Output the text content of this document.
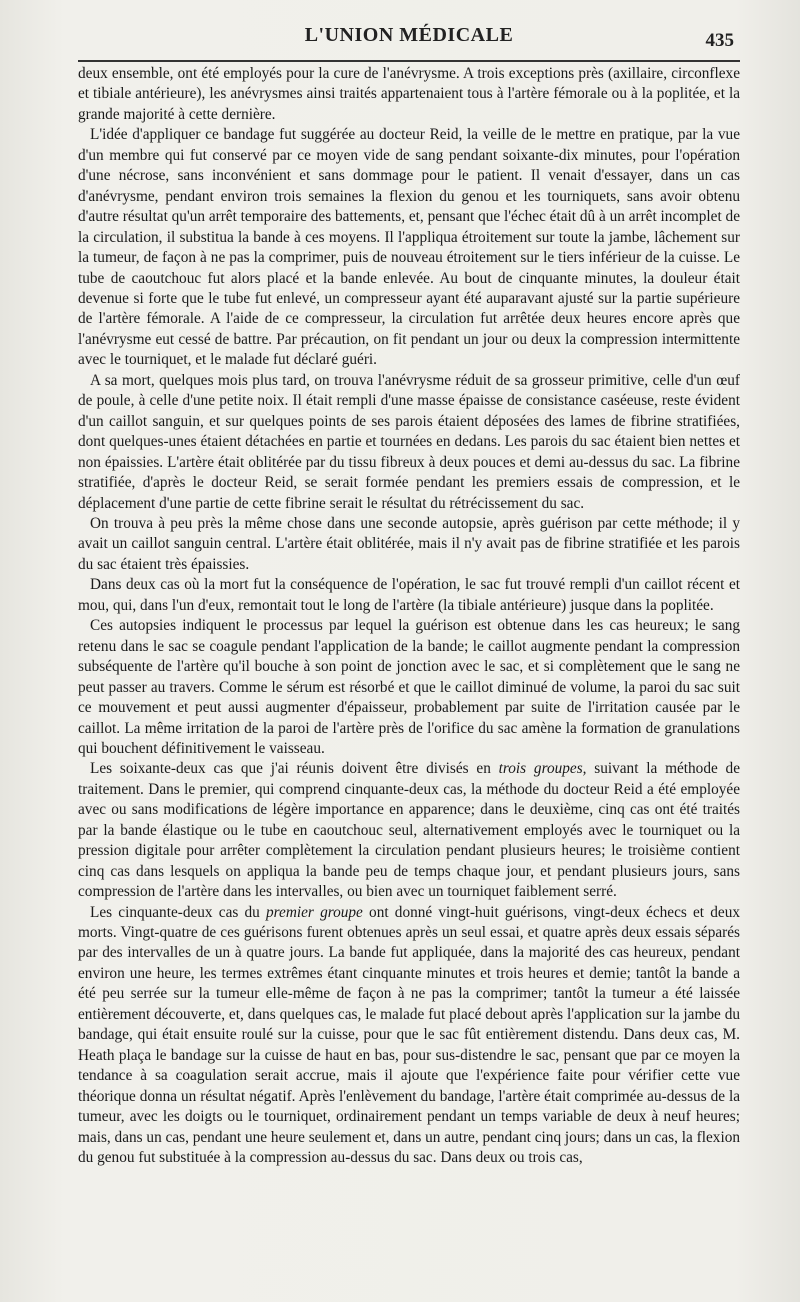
L'UNION MÉDICALE	435

deux ensemble, ont été employés pour la cure de l'anévrysme. A trois exceptions près (axillaire, circonflexe et tibiale antérieure), les anévrysmes ainsi traités appartenaient tous à l'artère fémorale ou à la poplitée, et la grande majorité à cette dernière.

L'idée d'appliquer ce bandage fut suggérée au docteur Reid, la veille de le mettre en pratique, par la vue d'un membre qui fut conservé par ce moyen vide de sang pendant soixante-dix minutes, pour l'opération d'une nécrose, sans inconvénient et sans dommage pour le patient. Il venait d'essayer, dans un cas d'anévrysme, pendant environ trois semaines la flexion du genou et les tourniquets, sans avoir obtenu d'autre résultat qu'un arrêt temporaire des battements, et, pensant que l'échec était dû à un arrêt incomplet de la circulation, il substitua la bande à ces moyens. Il l'appliqua étroitement sur toute la jambe, lâchement sur la tumeur, de façon à ne pas la comprimer, puis de nouveau étroitement sur le tiers inférieur de la cuisse. Le tube de caoutchouc fut alors placé et la bande enlevée. Au bout de cinquante minutes, la douleur était devenue si forte que le tube fut enlevé, un compresseur ayant été auparavant ajusté sur la partie supérieure de l'artère fémorale. A l'aide de ce compresseur, la circulation fut arrêtée deux heures encore après que l'anévrysme eut cessé de battre. Par précaution, on fit pendant un jour ou deux la compression intermittente avec le tourniquet, et le malade fut déclaré guéri.

A sa mort, quelques mois plus tard, on trouva l'anévrysme réduit de sa grosseur primitive, celle d'un œuf de poule, à celle d'une petite noix. Il était rempli d'une masse épaisse de consistance caséeuse, reste évident d'un caillot sanguin, et sur quelques points de ses parois étaient déposées des lames de fibrine stratifiées, dont quelques-unes étaient détachées en partie et tournées en dedans. Les parois du sac étaient bien nettes et non épaissies. L'artère était oblitérée par du tissu fibreux à deux pouces et demi au-dessus du sac. La fibrine stratifiée, d'après le docteur Reid, se serait formée pendant les premiers essais de compression, et le déplacement d'une partie de cette fibrine serait le résultat du rétrécissement du sac.

On trouva à peu près la même chose dans une seconde autopsie, après guérison par cette méthode; il y avait un caillot sanguin central. L'artère était oblitérée, mais il n'y avait pas de fibrine stratifiée et les parois du sac étaient très épaissies.

Dans deux cas où la mort fut la conséquence de l'opération, le sac fut trouvé rempli d'un caillot récent et mou, qui, dans l'un d'eux, remontait tout le long de l'artère (la tibiale antérieure) jusque dans la poplitée.

Ces autopsies indiquent le processus par lequel la guérison est obtenue dans les cas heureux; le sang retenu dans le sac se coagule pendant l'application de la bande; le caillot augmente pendant la compression subséquente de l'artère qu'il bouche à son point de jonction avec le sac, et si complètement que le sang ne peut passer au travers. Comme le sérum est résorbé et que le caillot diminué de volume, la paroi du sac suit ce mouvement et peut aussi augmenter d'épaisseur, probablement par suite de l'irritation causée par le caillot. La même irritation de la paroi de l'artère près de l'orifice du sac amène la formation de granulations qui bouchent définitivement le vaisseau.

Les soixante-deux cas que j'ai réunis doivent être divisés en trois groupes, suivant la méthode de traitement. Dans le premier, qui comprend cinquante-deux cas, la méthode du docteur Reid a été employée avec ou sans modifications de légère importance en apparence; dans le deuxième, cinq cas ont été traités par la bande élastique ou le tube en caoutchouc seul, alternativement employés avec le tourniquet ou la pression digitale pour arrêter complètement la circulation pendant plusieurs heures; le troisième contient cinq cas dans lesquels on appliqua la bande peu de temps chaque jour, et pendant plusieurs jours, sans compression de l'artère dans les intervalles, ou bien avec un tourniquet faiblement serré.

Les cinquante-deux cas du premier groupe ont donné vingt-huit guérisons, vingt-deux échecs et deux morts. Vingt-quatre de ces guérisons furent obtenues après un seul essai, et quatre après deux essais séparés par des intervalles de un à quatre jours. La bande fut appliquée, dans la majorité des cas heureux, pendant environ une heure, les termes extrêmes étant cinquante minutes et trois heures et demie; tantôt la bande a été peu serrée sur la tumeur elle-même de façon à ne pas la comprimer; tantôt la tumeur a été laissée entièrement découverte, et, dans quelques cas, le malade fut placé debout après l'application sur la jambe du bandage, qui était ensuite roulé sur la cuisse, pour que le sac fût entièrement distendu. Dans deux cas, M. Heath plaça le bandage sur la cuisse de haut en bas, pour sus-distendre le sac, pensant que par ce moyen la tendance à sa coagulation serait accrue, mais il ajoute que l'expérience faite pour vérifier cette vue théorique donna un résultat négatif. Après l'enlèvement du bandage, l'artère était comprimée au-dessus de la tumeur, avec les doigts ou le tourniquet, ordinairement pendant un temps variable de deux à neuf heures; mais, dans un cas, pendant une heure seulement et, dans un autre, pendant cinq jours; dans un cas, la flexion du genou fut substituée à la compression au-dessus du sac. Dans deux ou trois cas,
